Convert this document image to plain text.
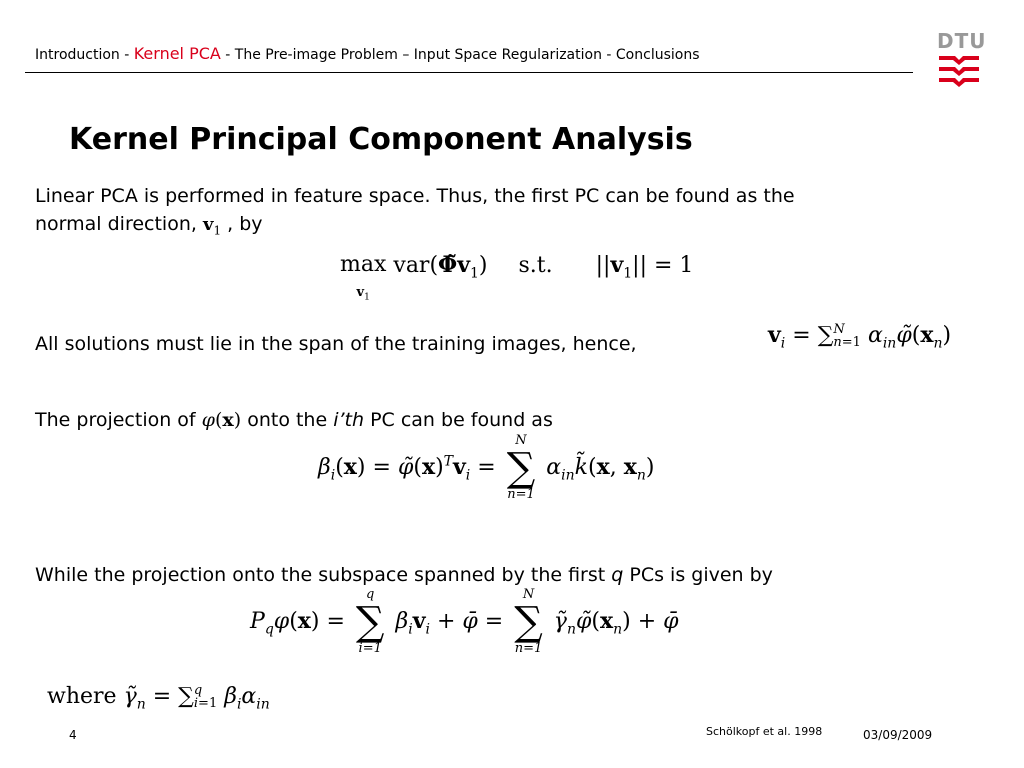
Introduction - Kernel PCA - The Pre-image Problem – Input Space Regularization - Conclusions
DTU
Kernel Principal Component Analysis
Linear PCA is performed in feature space. Thus, the first PC can be found as the
normal direction, $v_1$ , by
max
$v_1$ $var(\Phĩv_1)$ s.t. $||v_1|| = 1$
All solutions must lie in the span of the training images, hence,	$v_i = \sum N$
n=1 $\alpha_{in}\varphĩ(x_n)$
The projection of φ(x) onto the i’th PC can be found as
$\beta_i(x)$ = $\varphĩ(x)^Tv_i$ =
N
∑
n=1
$\alpha_{in}k̃(x$, $x_n$)
While the projection onto the subspace spanned by the first q PCs is given by
$P_q\varphi(x)$ =
q
∑
i=1
$\beta_iv_i$ + φ̄ =
N
∑
n=1
$\gammã_n\varphĩ(x_n)$ + φ̄
where $\gammã_n = \sum q$
i=1 $\beta_i\alpha_{in}$
4	Schölkopf et al. 1998	03/09/2009
